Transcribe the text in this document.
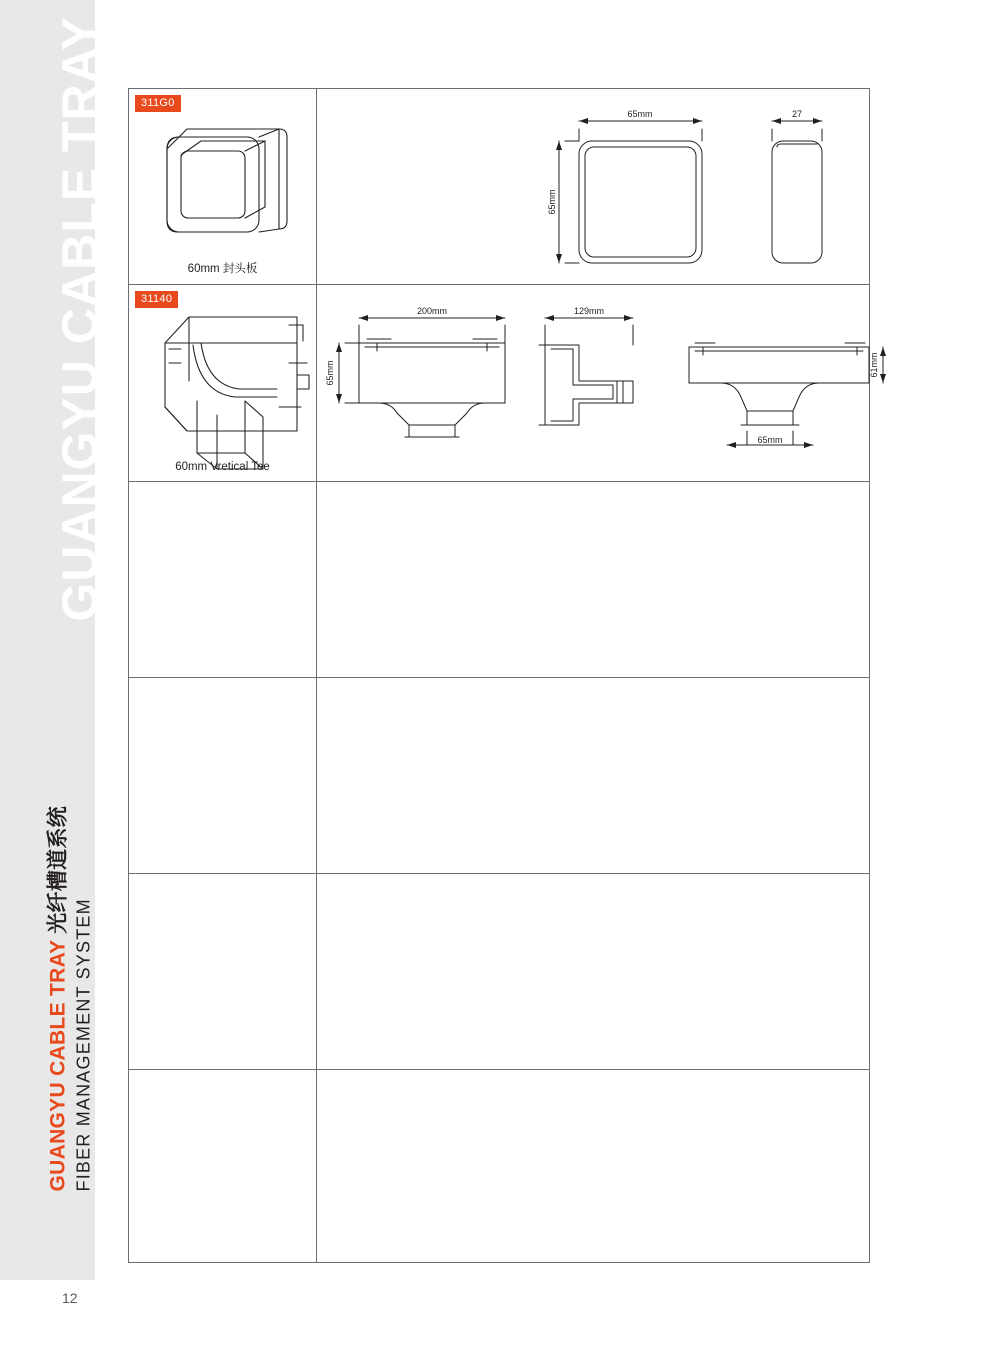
GUANGYU CABLE TRAY
GUANGYU CABLE TRAY 光纤槽道系统
FIBER MANAGEMENT SYSTEM
12
311G0
60mm 封头板
65mm	27
65mm
31140
60mm Vretical Tee
200mm	129mm
65mm	61mm
65mm
